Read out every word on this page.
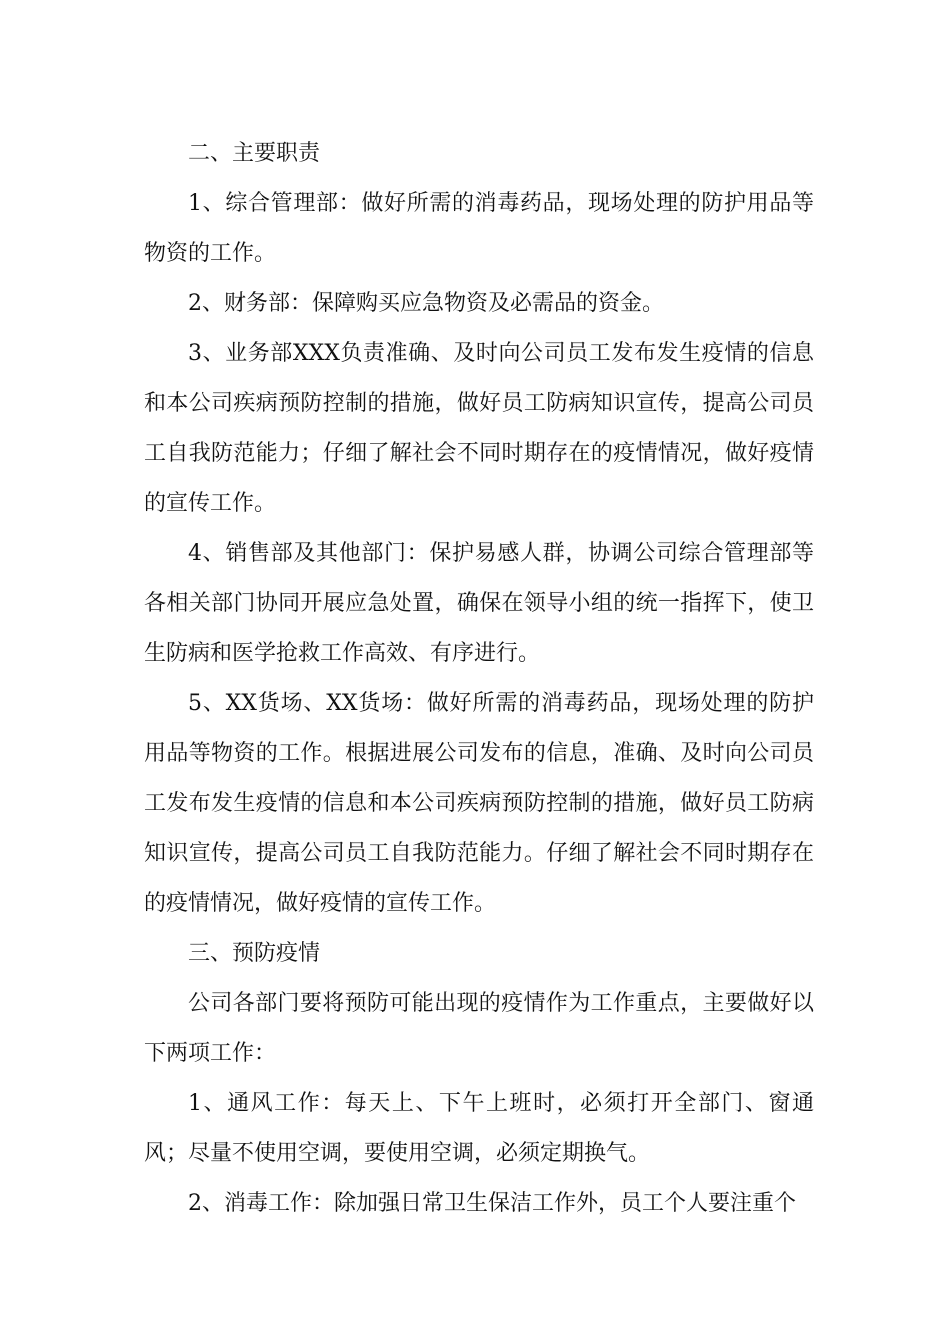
二、主要职责

1、综合管理部：做好所需的消毒药品，现场处理的防护用品等物资的工作。

2、财务部：保障购买应急物资及必需品的资金。

3、业务部XXX负责准确、及时向公司员工发布发生疫情的信息和本公司疾病预防控制的措施，做好员工防病知识宣传，提高公司员工自我防范能力；仔细了解社会不同时期存在的疫情情况，做好疫情的宣传工作。

4、销售部及其他部门：保护易感人群，协调公司综合管理部等各相关部门协同开展应急处置，确保在领导小组的统一指挥下，使卫生防病和医学抢救工作高效、有序进行。

5、XX货场、XX货场：做好所需的消毒药品，现场处理的防护用品等物资的工作。根据进展公司发布的信息，准确、及时向公司员工发布发生疫情的信息和本公司疾病预防控制的措施，做好员工防病知识宣传，提高公司员工自我防范能力。仔细了解社会不同时期存在的疫情情况，做好疫情的宣传工作。

三、预防疫情

公司各部门要将预防可能出现的疫情作为工作重点，主要做好以下两项工作：

1、通风工作：每天上、下午上班时，必须打开全部门、窗通风；尽量不使用空调，要使用空调，必须定期换气。

2、消毒工作：除加强日常卫生保洁工作外，员工个人要注重个
